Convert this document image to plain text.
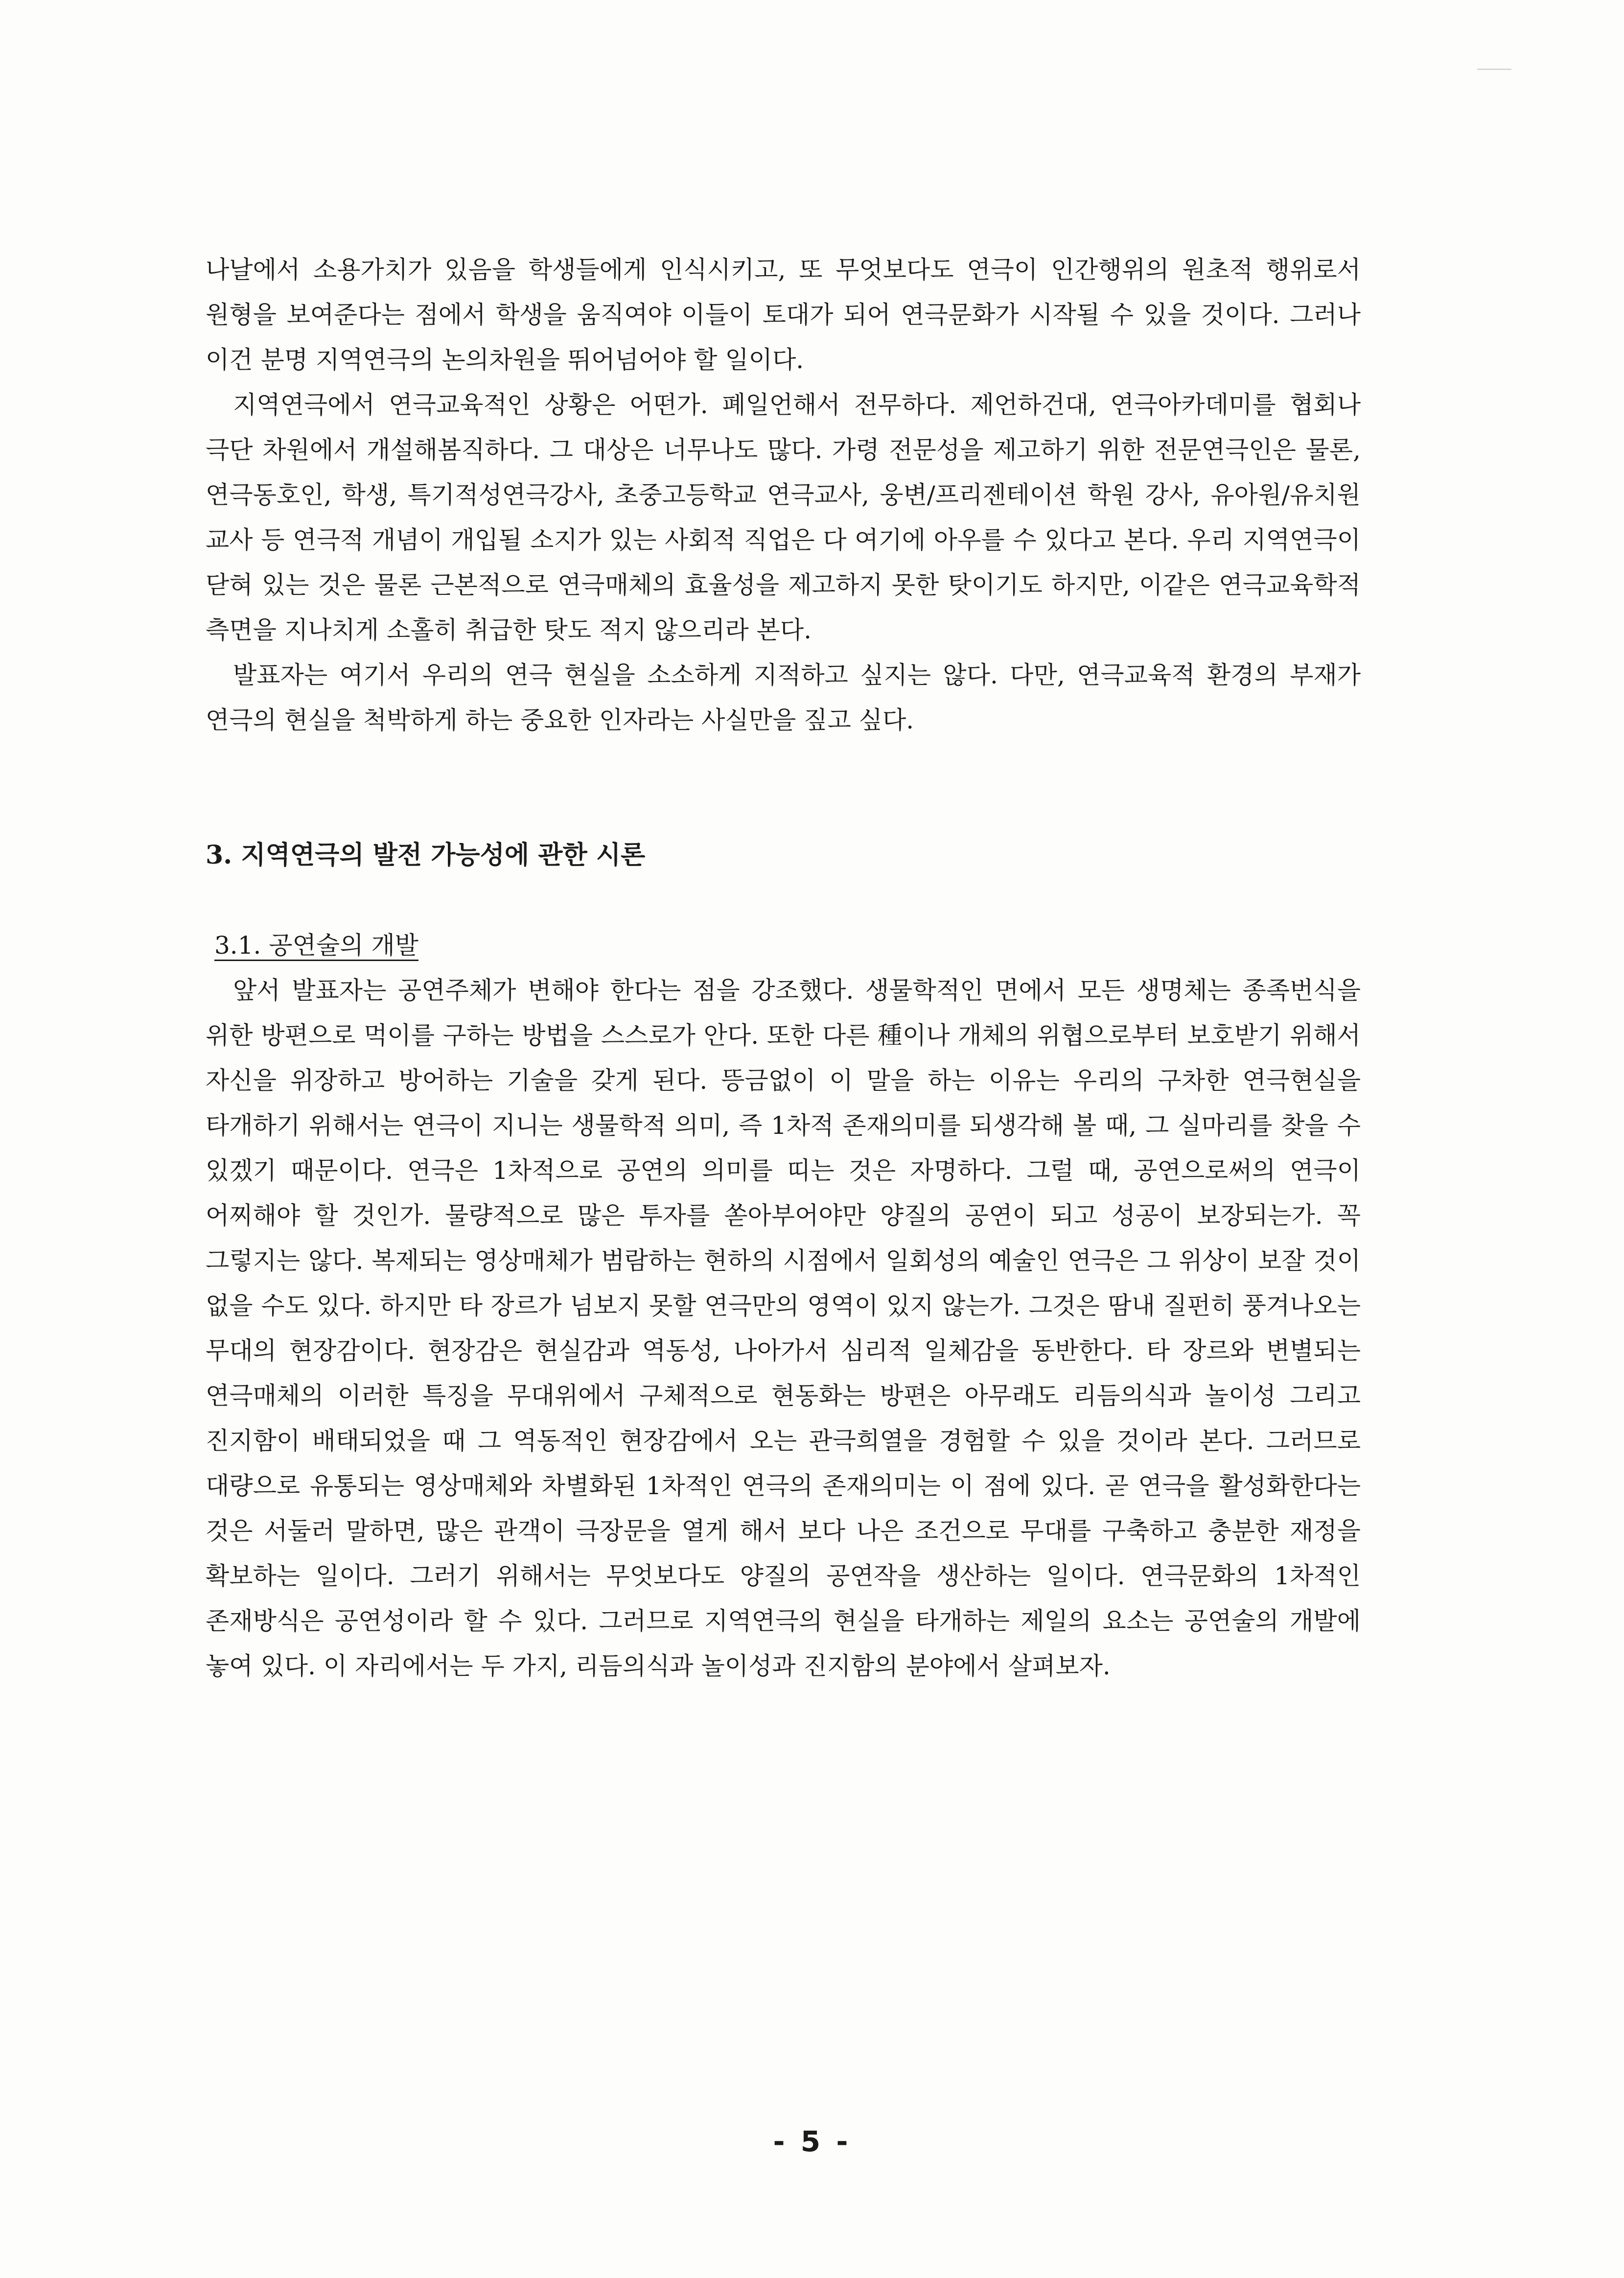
나날에서 소용가치가 있음을 학생들에게 인식시키고, 또 무엇보다도 연극이 인간행위의 원초적 행위로서 원형을 보여준다는 점에서 학생을 움직여야 이들이 토대가 되어 연극문화가 시작될 수 있을 것이다. 그러나 이건 분명 지역연극의 논의차원을 뛰어넘어야 할 일이다.

지역연극에서 연극교육적인 상황은 어떤가. 폐일언해서 전무하다. 제언하건대, 연극아카데미를 협회나 극단 차원에서 개설해봄직하다. 그 대상은 너무나도 많다. 가령 전문성을 제고하기 위한 전문연극인은 물론, 연극동호인, 학생, 특기적성연극강사, 초중고등학교 연극교사, 웅변/프리젠테이션 학원 강사, 유아원/유치원 교사 등 연극적 개념이 개입될 소지가 있는 사회적 직업은 다 여기에 아우를 수 있다고 본다. 우리 지역연극이 닫혀 있는 것은 물론 근본적으로 연극매체의 효율성을 제고하지 못한 탓이기도 하지만, 이같은 연극교육학적 측면을 지나치게 소홀히 취급한 탓도 적지 않으리라 본다.

발표자는 여기서 우리의 연극 현실을 소소하게 지적하고 싶지는 않다. 다만, 연극교육적 환경의 부재가 연극의 현실을 척박하게 하는 중요한 인자라는 사실만을 짚고 싶다.

3. 지역연극의 발전 가능성에 관한 시론
3.1. 공연술의 개발

앞서 발표자는 공연주체가 변해야 한다는 점을 강조했다. 생물학적인 면에서 모든 생명체는 종족번식을 위한 방편으로 먹이를 구하는 방법을 스스로가 안다. 또한 다른 種이나 개체의 위협으로부터 보호받기 위해서 자신을 위장하고 방어하는 기술을 갖게 된다. 뜽금없이 이 말을 하는 이유는 우리의 구차한 연극현실을 타개하기 위해서는 연극이 지니는 생물학적 의미, 즉 1차적 존재의미를 되생각해 볼 때, 그 실마리를 찾을 수 있겠기 때문이다. 연극은 1차적으로 공연의 의미를 띠는 것은 자명하다. 그럴 때, 공연으로써의 연극이 어찌해야 할 것인가. 물량적으로 많은 투자를 쏟아부어야만 양질의 공연이 되고 성공이 보장되는가. 꼭 그렇지는 않다. 복제되는 영상매체가 범람하는 현하의 시점에서 일회성의 예술인 연극은 그 위상이 보잘 것이 없을 수도 있다. 하지만 타 장르가 넘보지 못할 연극만의 영역이 있지 않는가. 그것은 땀내 질펀히 풍겨나오는 무대의 현장감이다. 현장감은 현실감과 역동성, 나아가서 심리적 일체감을 동반한다. 타 장르와 변별되는 연극매체의 이러한 특징을 무대위에서 구체적으로 현동화는 방편은 아무래도 리듬의식과 놀이성 그리고 진지함이 배태되었을 때 그 역동적인 현장감에서 오는 관극희열을 경험할 수 있을 것이라 본다. 그러므로 대량으로 유통되는 영상매체와 차별화된 1차적인 연극의 존재의미는 이 점에 있다. 곧 연극을 활성화한다는 것은 서둘러 말하면, 많은 관객이 극장문을 열게 해서 보다 나은 조건으로 무대를 구축하고 충분한 재정을 확보하는 일이다. 그러기 위해서는 무엇보다도 양질의 공연작을 생산하는 일이다. 연극문화의 1차적인 존재방식은 공연성이라 할 수 있다. 그러므로 지역연극의 현실을 타개하는 제일의 요소는 공연술의 개발에 놓여 있다. 이 자리에서는 두 가지, 리듬의식과 놀이성과 진지함의 분야에서 살펴보자.

- 5 -
